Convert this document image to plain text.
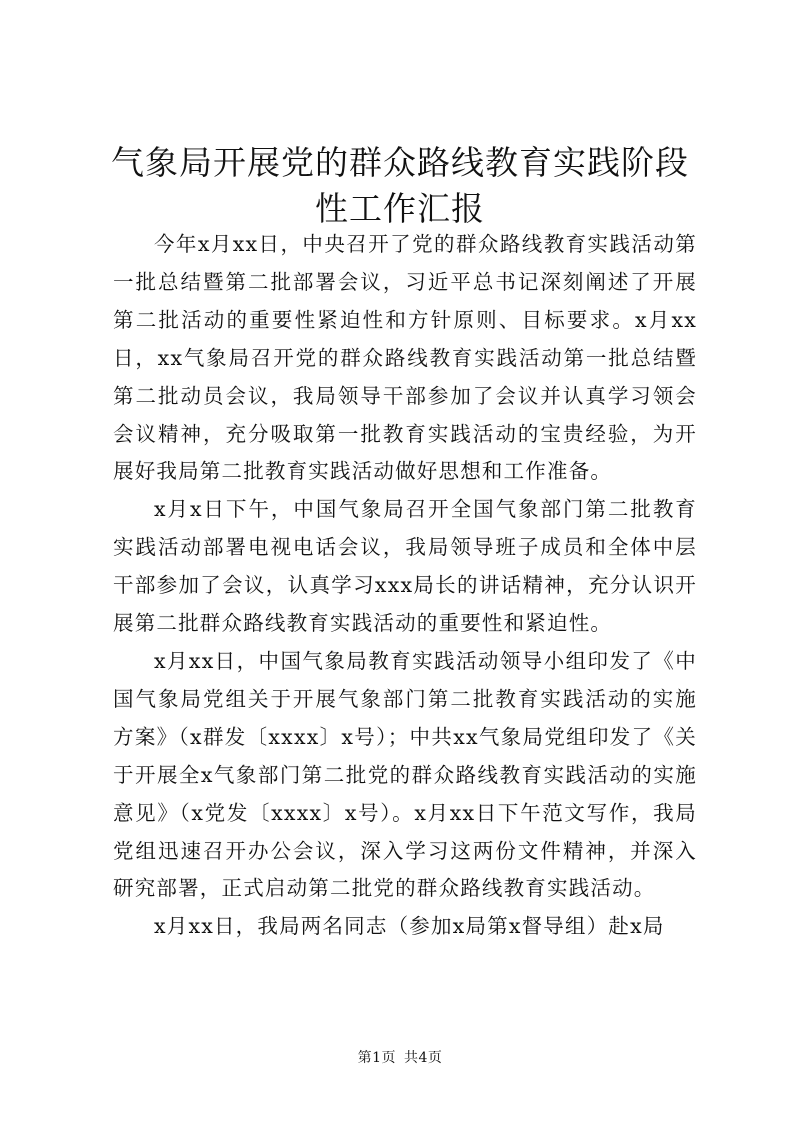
气象局开展党的群众路线教育实践阶段性工作汇报

今年x月xx日，中央召开了党的群众路线教育实践活动第一批总结暨第二批部署会议，习近平总书记深刻阐述了开展第二批活动的重要性紧迫性和方针原则、目标要求。x月xx日，xx气象局召开党的群众路线教育实践活动第一批总结暨第二批动员会议，我局领导干部参加了会议并认真学习领会会议精神，充分吸取第一批教育实践活动的宝贵经验，为开展好我局第二批教育实践活动做好思想和工作准备。

x月x日下午，中国气象局召开全国气象部门第二批教育实践活动部署电视电话会议，我局领导班子成员和全体中层干部参加了会议，认真学习xxx局长的讲话精神，充分认识开展第二批群众路线教育实践活动的重要性和紧迫性。

x月xx日，中国气象局教育实践活动领导小组印发了《中国气象局党组关于开展气象部门第二批教育实践活动的实施方案》（x群发〔xxxx〕x号）；中共xx气象局党组印发了《关于开展全x气象部门第二批党的群众路线教育实践活动的实施意见》（x党发〔xxxx〕x号）。x月xx日下午范文写作，我局党组迅速召开办公会议，深入学习这两份文件精神，并深入研究部署，正式启动第二批党的群众路线教育实践活动。

x月xx日，我局两名同志（参加x局第x督导组）赴x局

第1页 共4页
